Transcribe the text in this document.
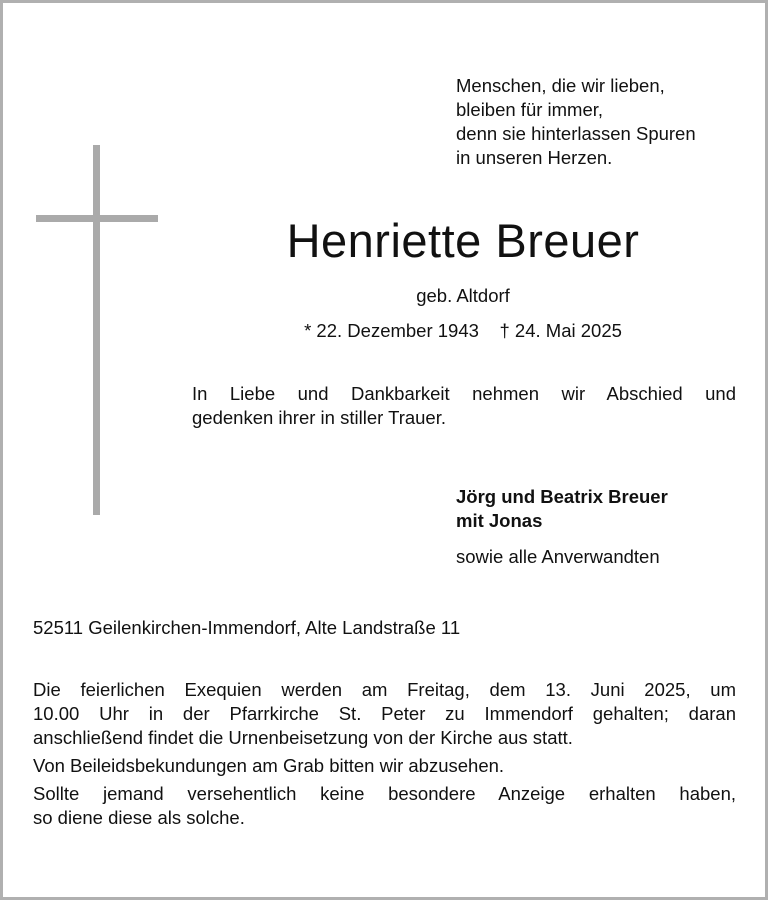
Menschen, die wir lieben,
bleiben für immer,
denn sie hinterlassen Spuren
in unseren Herzen.
Henriette Breuer
geb. Altdorf
* 22. Dezember 1943 † 24. Mai 2025
In Liebe und Dankbarkeit nehmen wir Abschied und
gedenken ihrer in stiller Trauer.
Jörg und Beatrix Breuer
mit Jonas
sowie alle Anverwandten
52511 Geilenkirchen-Immendorf, Alte Landstraße 11
Die feierlichen Exequien werden am Freitag, dem 13. Juni 2025, um
10.00 Uhr in der Pfarrkirche St. Peter zu Immendorf gehalten; daran
anschließend findet die Urnenbeisetzung von der Kirche aus statt.
Von Beileidsbekundungen am Grab bitten wir abzusehen.
Sollte jemand versehentlich keine besondere Anzeige erhalten haben,
so diene diese als solche.
